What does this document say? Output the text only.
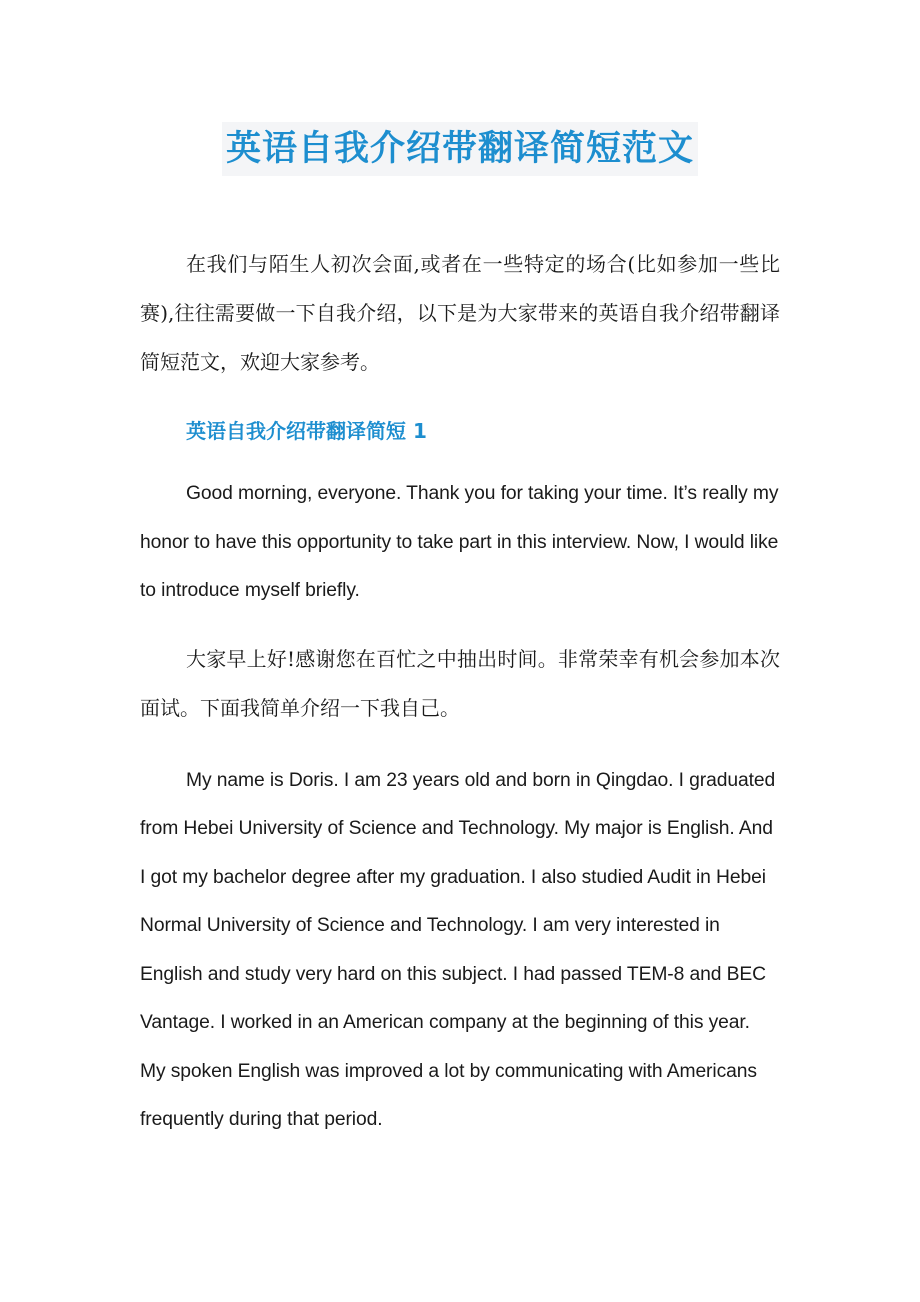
英语自我介绍带翻译简短范文

在我们与陌生人初次会面,或者在一些特定的场合(比如参加一些比赛),往往需要做一下自我介绍，以下是为大家带来的英语自我介绍带翻译简短范文，欢迎大家参考。

英语自我介绍带翻译简短 1

Good morning, everyone. Thank you for taking your time. It’s really my honor to have this opportunity to take part in this interview. Now, I would like to introduce myself briefly.

大家早上好!感谢您在百忙之中抽出时间。非常荣幸有机会参加本次面试。下面我简单介绍一下我自己。

My name is Doris. I am 23 years old and born in Qingdao. I graduated from Hebei University of Science and Technology. My major is English. And I got my bachelor degree after my graduation. I also studied Audit in Hebei Normal University of Science and Technology. I am very interested in English and study very hard on this subject. I had passed TEM-8 and BEC Vantage. I worked in an American company at the beginning of this year. My spoken English was improved a lot by communicating with Americans frequently during that period.
